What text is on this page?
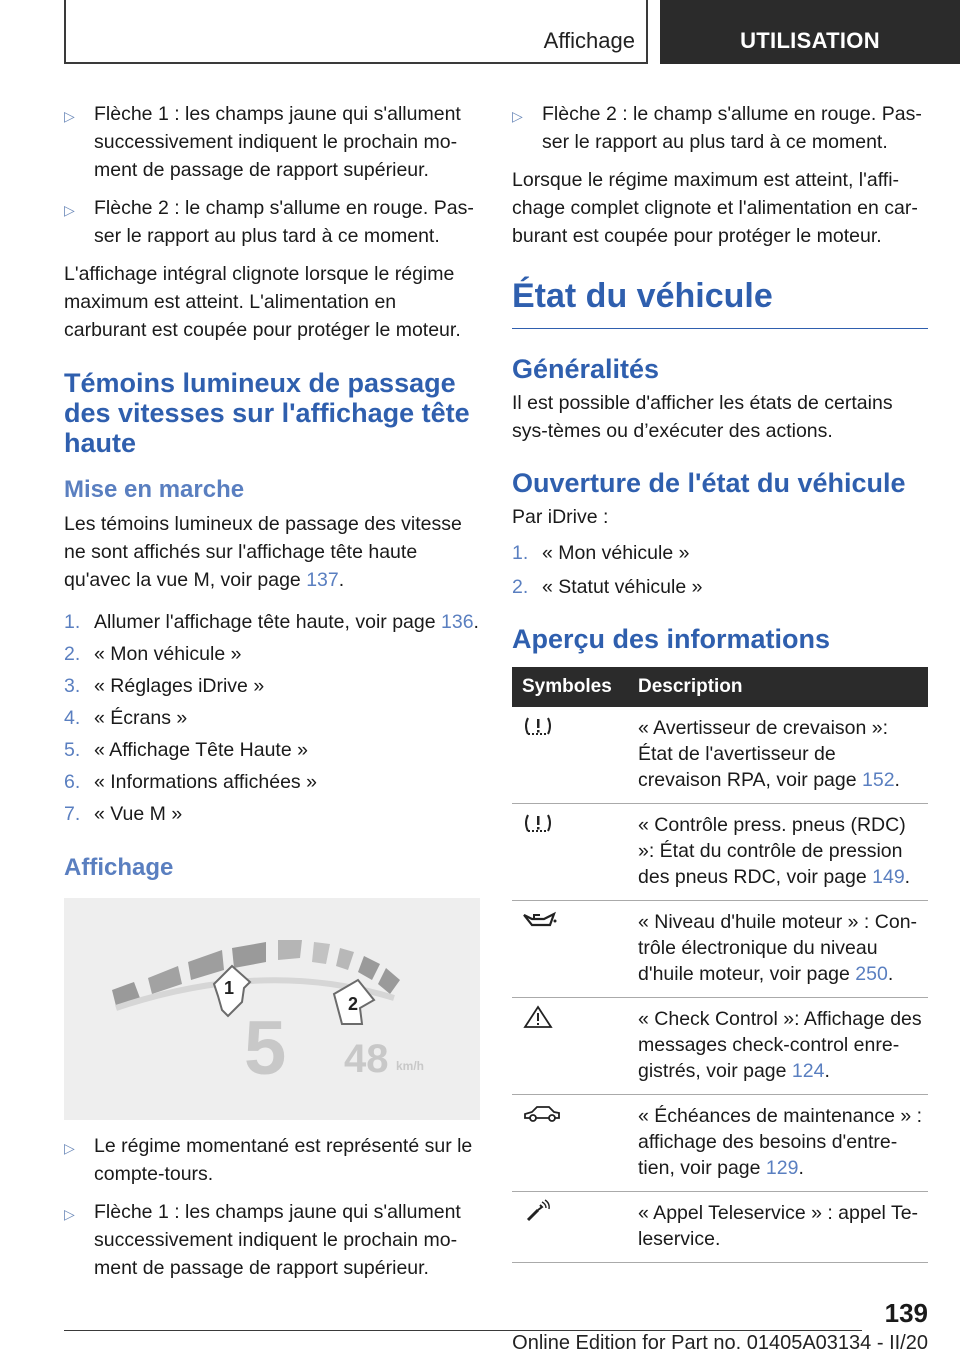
Affichage	UTILISATION
▷ Flèche 1 : les champs jaune qui s'allument successivement indiquent le prochain mo-ment de passage de rapport supérieur.
▷ Flèche 2 : le champ s'allume en rouge. Pas-ser le rapport au plus tard à ce moment.

L'affichage intégral clignote lorsque le régime maximum est atteint. L'alimentation en carburant est coupée pour protéger le moteur.

Témoins lumineux de passage des vitesses sur l'affichage tête haute
Mise en marche

Les témoins lumineux de passage des vitesse ne sont affichés sur l'affichage tête haute qu'avec la vue M, voir page 137.

1. Allumer l'affichage tête haute, voir page 136.
2. « Mon véhicule »
3. « Réglages iDrive »
4. « Écrans »
5. « Affichage Tête Haute »
6. « Informations affichées »
7. « Vue M »
Affichage
1
2
5 48 km/h
▷ Le régime momentané est représenté sur le compte-tours.
▷ Flèche 1 : les champs jaune qui s'allument successivement indiquent le prochain mo-ment de passage de rapport supérieur.
▷ Flèche 2 : le champ s'allume en rouge. Pas-ser le rapport au plus tard à ce moment.

Lorsque le régime maximum est atteint, l'affi-chage complet clignote et l'alimentation en car-burant est coupée pour protéger le moteur.

État du véhicule
Généralités

Il est possible d'afficher les états de certains sys-tèmes ou d’exécuter des actions.

Ouverture de l'état du véhicule

Par iDrive :

1. « Mon véhicule »
2. « Statut véhicule »
Aperçu des informations
Symboles	Description
	« Avertisseur de crevaison »: État de l'avertisseur de crevaison RPA, voir page 152.
	« Contrôle press. pneus (RDC) »: État du contrôle de pression des pneus RDC, voir page 149.
	« Niveau d'huile moteur » : Con-trôle électronique du niveau d'huile moteur, voir page 250.
	« Check Control »: Affichage des messages check-control enre-gistrés, voir page 124.
	« Échéances de maintenance » : affichage des besoins d'entre-tien, voir page 129.
	« Appel Teleservice » : appel Te-leservice.
139
Online Edition for Part no. 01405A03134 - II/20
